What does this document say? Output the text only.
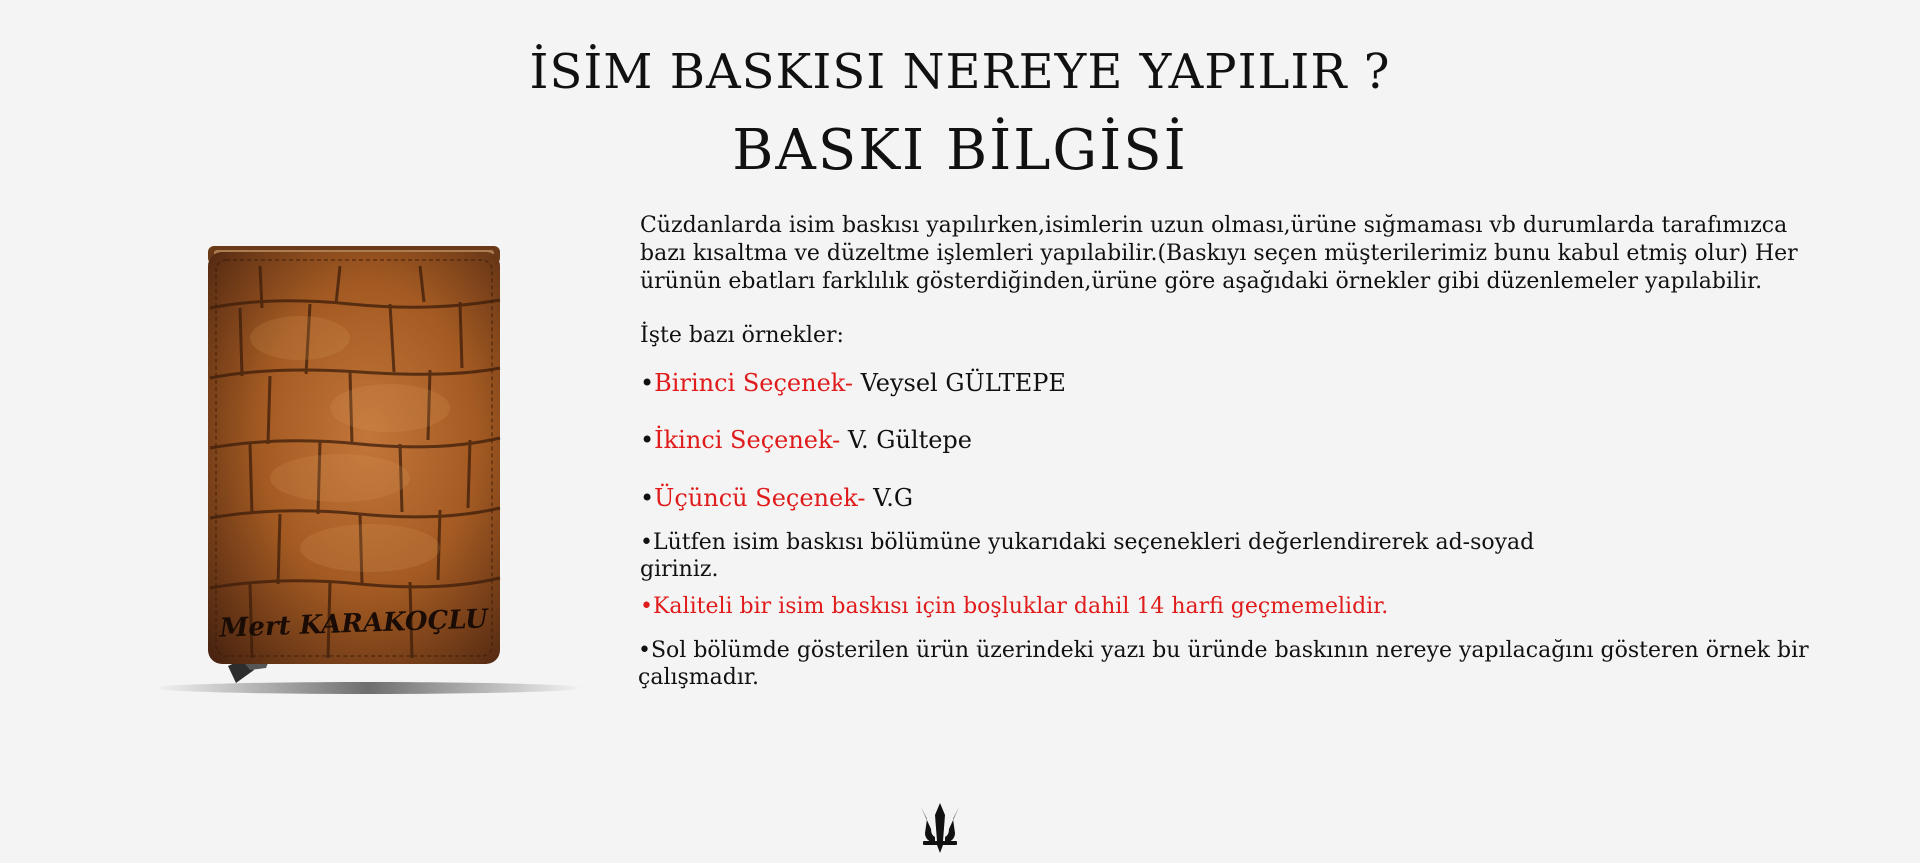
İSİM BASKISI NEREYE YAPILIR ?
BASKI BİLGİSİ
Mert KARAKOÇLU

Cüzdanlarda isim baskısı yapılırken,isimlerin uzun olması,ürüne sığmaması vb durumlarda tarafımızca bazı kısaltma ve düzeltme işlemleri yapılabilir.(Baskıyı seçen müşterilerimiz bunu kabul etmiş olur) Her ürünün ebatları farklılık gösterdiğinden,ürüne göre aşağıdaki örnekler gibi düzenlemeler yapılabilir.

İşte bazı örnekler:
•Birinci Seçenek- Veysel GÜLTEPE
•İkinci Seçenek- V. Gültepe
•Üçüncü Seçenek- V.G
•Lütfen isim baskısı bölümüne yukarıdaki seçenekleri değerlendirerek ad-soyad giriniz.
•Kaliteli bir isim baskısı için boşluklar dahil 14 harfi geçmemelidir.
•Sol bölümde gösterilen ürün üzerindeki yazı bu üründe baskının nereye yapılacağını gösteren örnek bir çalışmadır.
